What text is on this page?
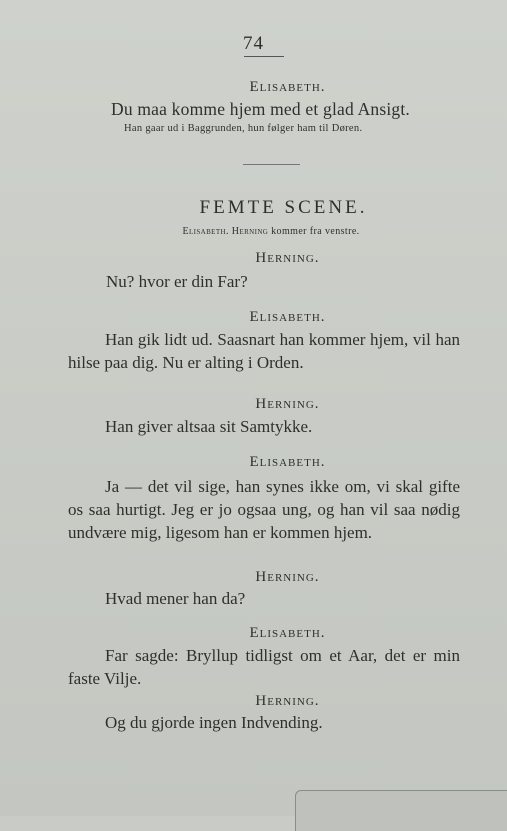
74
Elisabeth.
Du maa komme hjem med et glad Ansigt.
Han gaar ud i Baggrunden, hun følger ham til Døren.
FEMTE SCENE.
Elisabeth. Herning kommer fra venstre.
Herning.
Nu? hvor er din Far?
Elisabeth.
Han gik lidt ud. Saasnart han kommer hjem, vil han hilse paa dig. Nu er alting i Orden.
Herning.
Han giver altsaa sit Samtykke.
Elisabeth.
Ja — det vil sige, han synes ikke om, vi skal gifte os saa hurtigt. Jeg er jo ogsaa ung, og han vil saa nødig undvære mig, ligesom han er kommen hjem.
Herning.
Hvad mener han da?
Elisabeth.
Far sagde: Bryllup tidligst om et Aar, det er min faste Vilje.
Herning.
Og du gjorde ingen Indvending.
